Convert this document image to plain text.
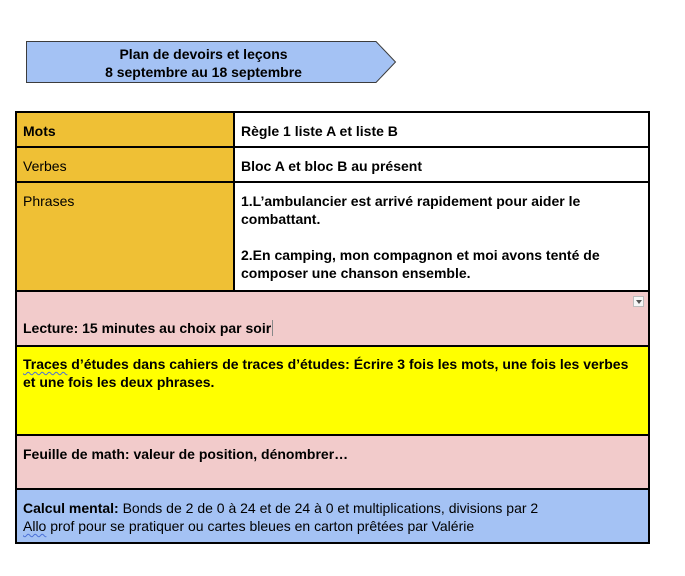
Plan de devoirs et leçons
8 septembre au 18 septembre
Mots	Règle 1 liste A et liste B
Verbes	Bloc A et bloc B au présent
Phrases	1.L’ambulancier est arrivé rapidement pour aider le combattant.

2.En camping, mon compagnon et moi avons tenté de composer une chanson ensemble.

Lecture: 15 minutes au choix par soir
Traces d’études dans cahiers de traces d’études: Écrire 3 fois les mots, une fois les verbes et une fois les deux phrases.
Feuille de math: valeur de position, dénombrer…
Calcul mental: Bonds de 2 de 0 à 24 et de 24 à 0 et multiplications, divisions par 2
Allo prof pour se pratiquer ou cartes bleues en carton prêtées par Valérie
